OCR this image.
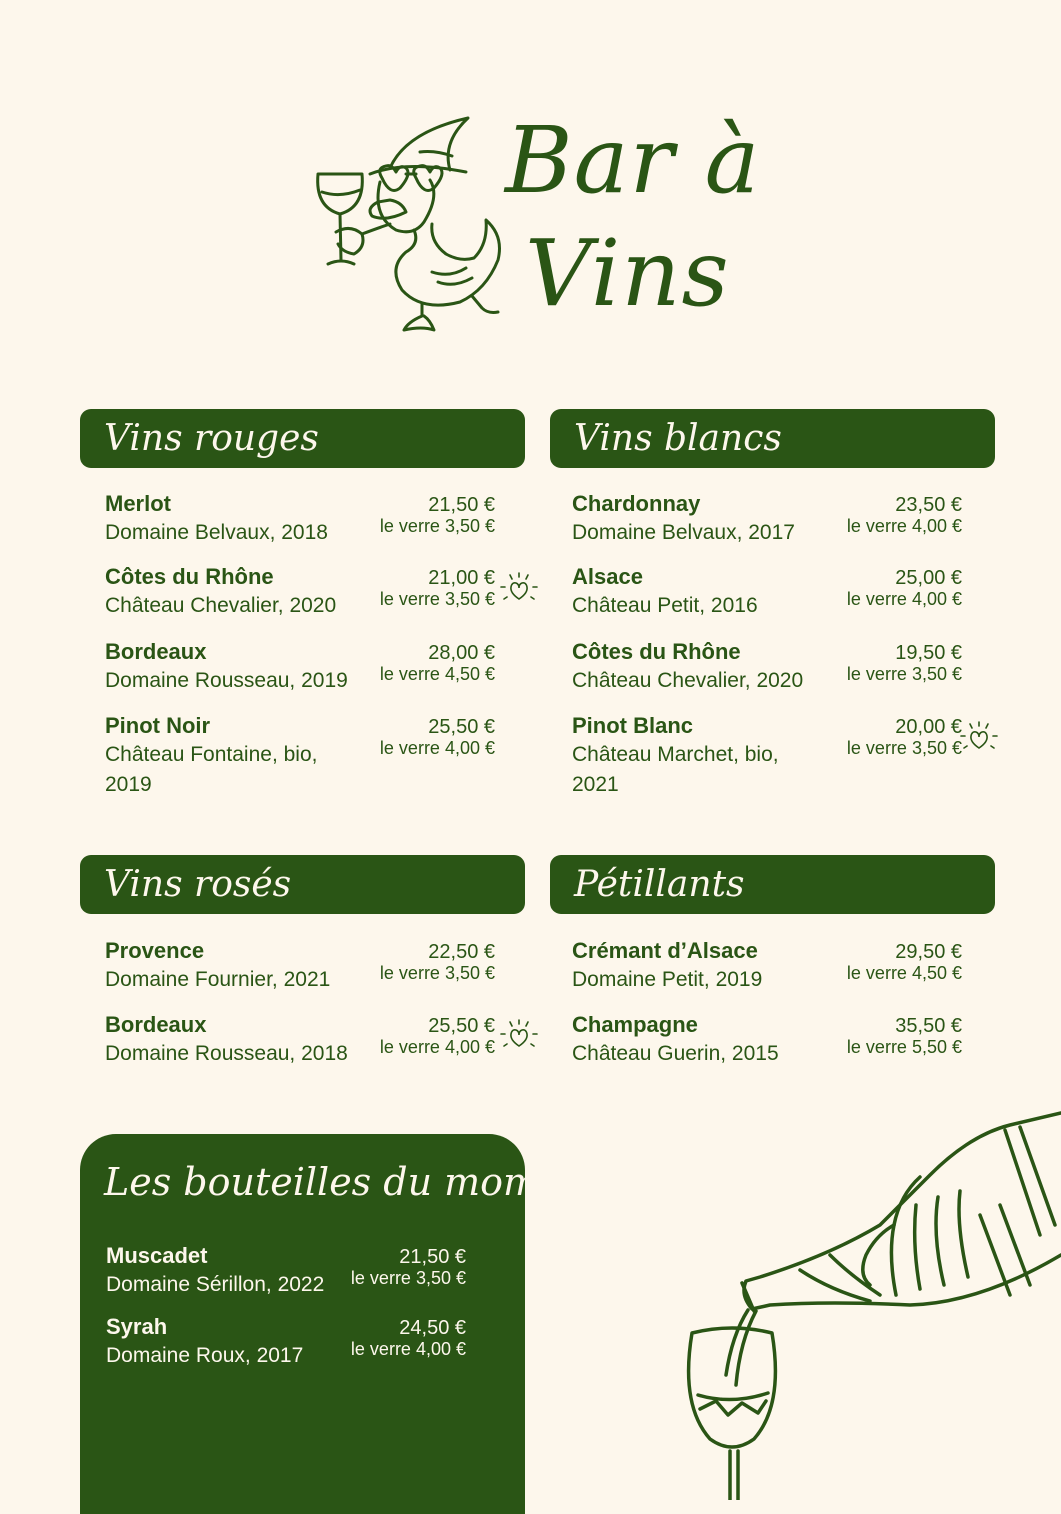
Bar à
Vins
Vins rouges
Merlot
Domaine Belvaux, 2018
21,50 €
le verre 3,50 €
Côtes du Rhône
Château Chevalier, 2020
21,00 €
le verre 3,50 €
Bordeaux
Domaine Rousseau, 2019
28,00 €
le verre 4,50 €
Pinot Noir
Château Fontaine, bio, 2019
25,50 €
le verre 4,00 €
Vins blancs
Chardonnay
Domaine Belvaux, 2017
23,50 €
le verre 4,00 €
Alsace
Château Petit, 2016
25,00 €
le verre 4,00 €
Côtes du Rhône
Château Chevalier, 2020
19,50 €
le verre 3,50 €
Pinot Blanc
Château Marchet, bio, 2021
20,00 €
le verre 3,50 €
Vins rosés
Provence
Domaine Fournier, 2021
22,50 €
le verre 3,50 €
Bordeaux
Domaine Rousseau, 2018
25,50 €
le verre 4,00 €
Pétillants
Crémant d’Alsace
Domaine Petit, 2019
29,50 €
le verre 4,50 €
Champagne
Château Guerin, 2015
35,50 €
le verre 5,50 €
Les bouteilles du moment
Muscadet
Domaine Sérillon, 2022
21,50 €
le verre 3,50 €
Syrah
Domaine Roux, 2017
24,50 €
le verre 4,00 €
